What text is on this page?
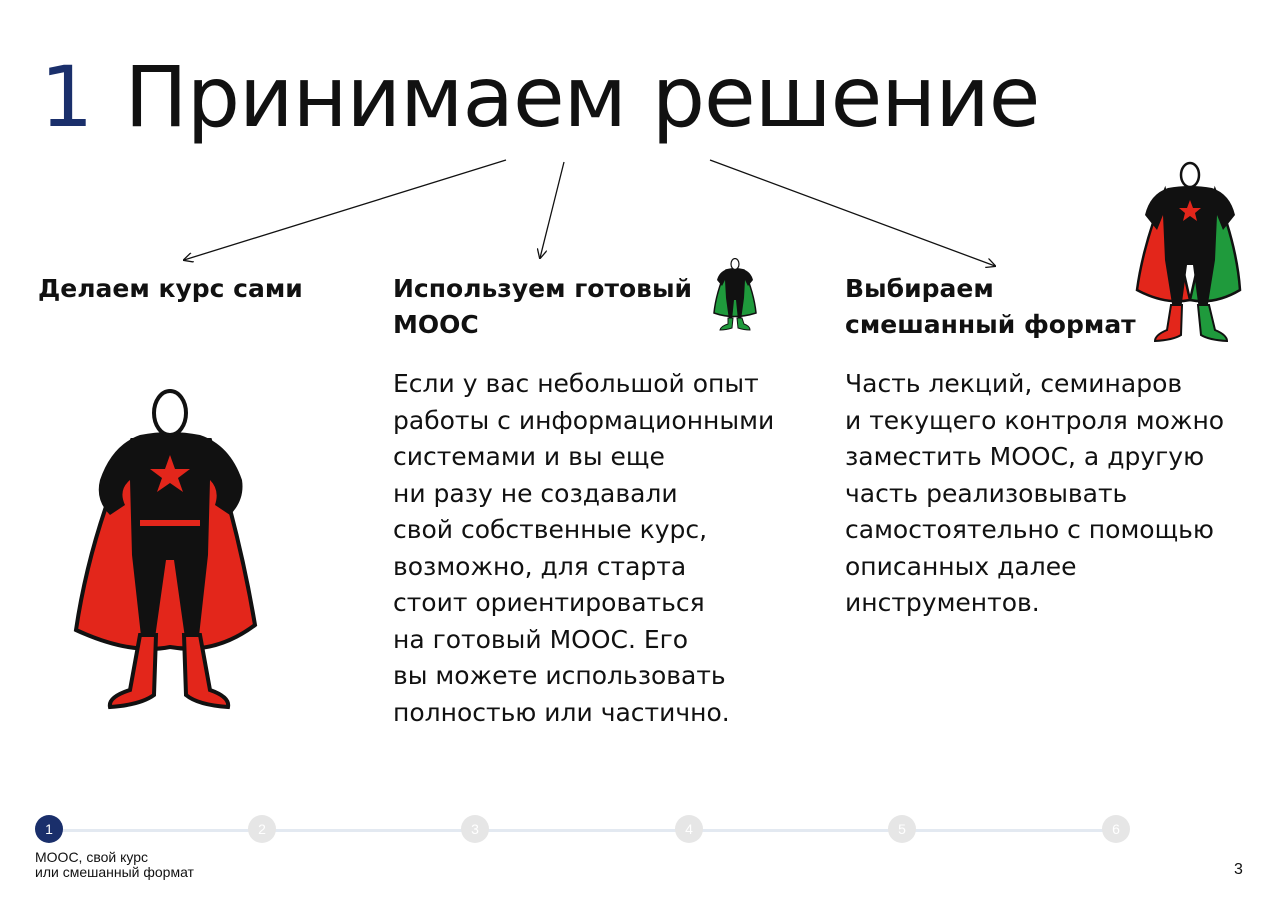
1 Принимаем решение
Делаем курс сами	Используем готовый МООС
Выбираем смешанный формат
Если у вас небольшой опыт
работы с информационными
системами и вы еще
ни разу не создавали
свой собственные курс,
возможно, для старта
стоит ориентироваться
на готовый МООС. Его
вы можете использовать
полностью или частично.
Часть лекций, семинаров
и текущего контроля можно
заместить МООС, а другую
часть реализовывать
самостоятельно с помощью
описанных далее
инструментов.
1	2	3	4	5	6
МООС, свой курс
или смешанный формат	3
